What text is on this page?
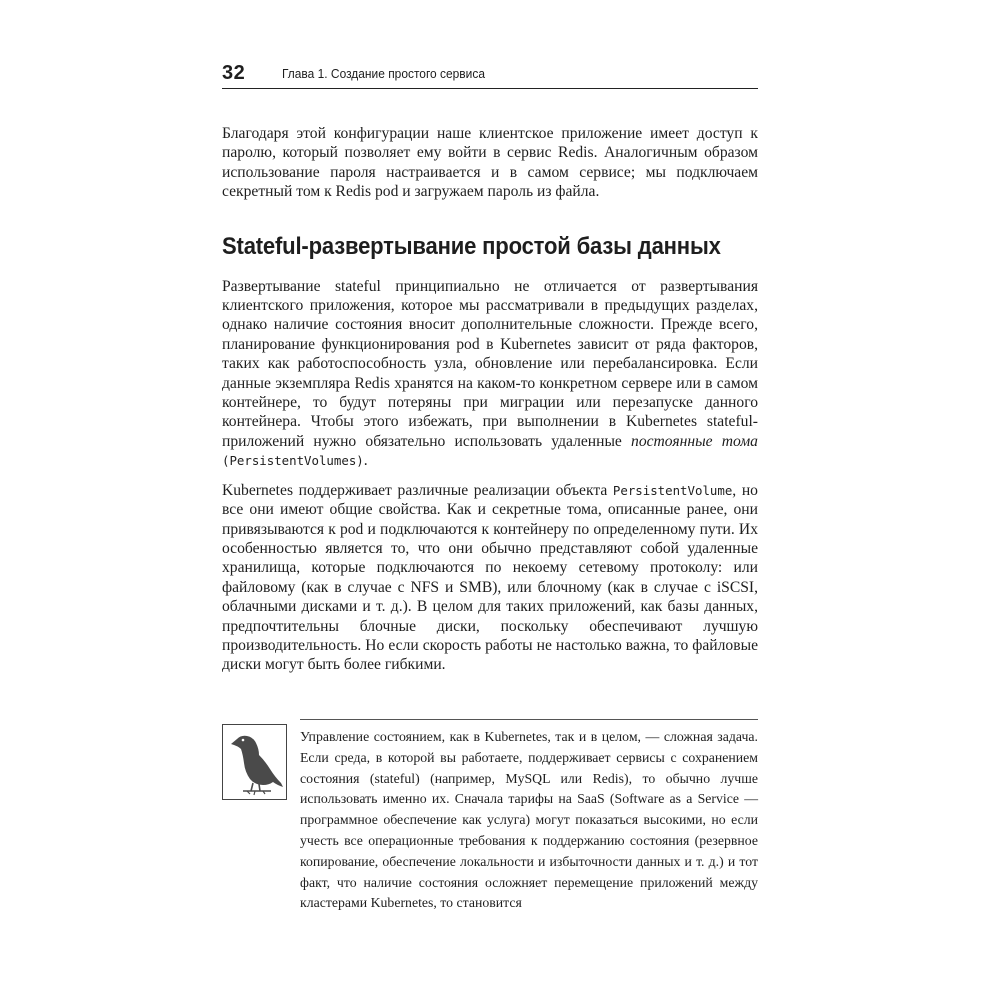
32	Глава 1. Создание простого сервиса

Благодаря этой конфигурации наше клиентское приложение имеет доступ к паролю, который позволяет ему войти в сервис Redis. Аналогичным образом использование пароля настраивается и в самом сервисе; мы подключаем секретный том к Redis pod и загружаем пароль из файла.

Stateful-развертывание простой базы данных

Развертывание stateful принципиально не отличается от развертывания клиентского приложения, которое мы рассматривали в предыдущих разделах, однако наличие состояния вносит дополнительные сложности. Прежде всего, планирование функционирования pod в Kubernetes зависит от ряда факторов, таких как работоспособность узла, обновление или перебалансировка. Если данные экземпляра Redis хранятся на каком-то конкретном сервере или в самом контейнере, то будут потеряны при миграции или перезапуске данного контейнера. Чтобы этого избежать, при выполнении в Kubernetes stateful-приложений нужно обязательно использовать удаленные постоянные тома (PersistentVolumes).

Kubernetes поддерживает различные реализации объекта PersistentVolume, но все они имеют общие свойства. Как и секретные тома, описанные ранее, они привязываются к pod и подключаются к контейнеру по определенному пути. Их особенностью является то, что они обычно представляют собой удаленные хранилища, которые подключаются по некоему сетевому протоколу: или файловому (как в случае с NFS и SMB), или блочному (как в случае с iSCSI, облачными дисками и т. д.). В целом для таких приложений, как базы данных, предпочтительны блочные диски, поскольку обеспечивают лучшую производительность. Но если скорость работы не настолько важна, то файловые диски могут быть более гибкими.

Управление состоянием, как в Kubernetes, так и в целом, — сложная задача. Если среда, в которой вы работаете, поддерживает сервисы с сохранением состояния (stateful) (например, MySQL или Redis), то обычно лучше использовать именно их. Сначала тарифы на SaaS (Software as a Service — программное обеспечение как услуга) могут показаться высокими, но если учесть все операционные требования к поддержанию состояния (резервное копирование, обеспечение локальности и избыточности данных и т. д.) и тот факт, что наличие состояния осложняет перемещение приложений между кластерами Kubernetes, то становится
